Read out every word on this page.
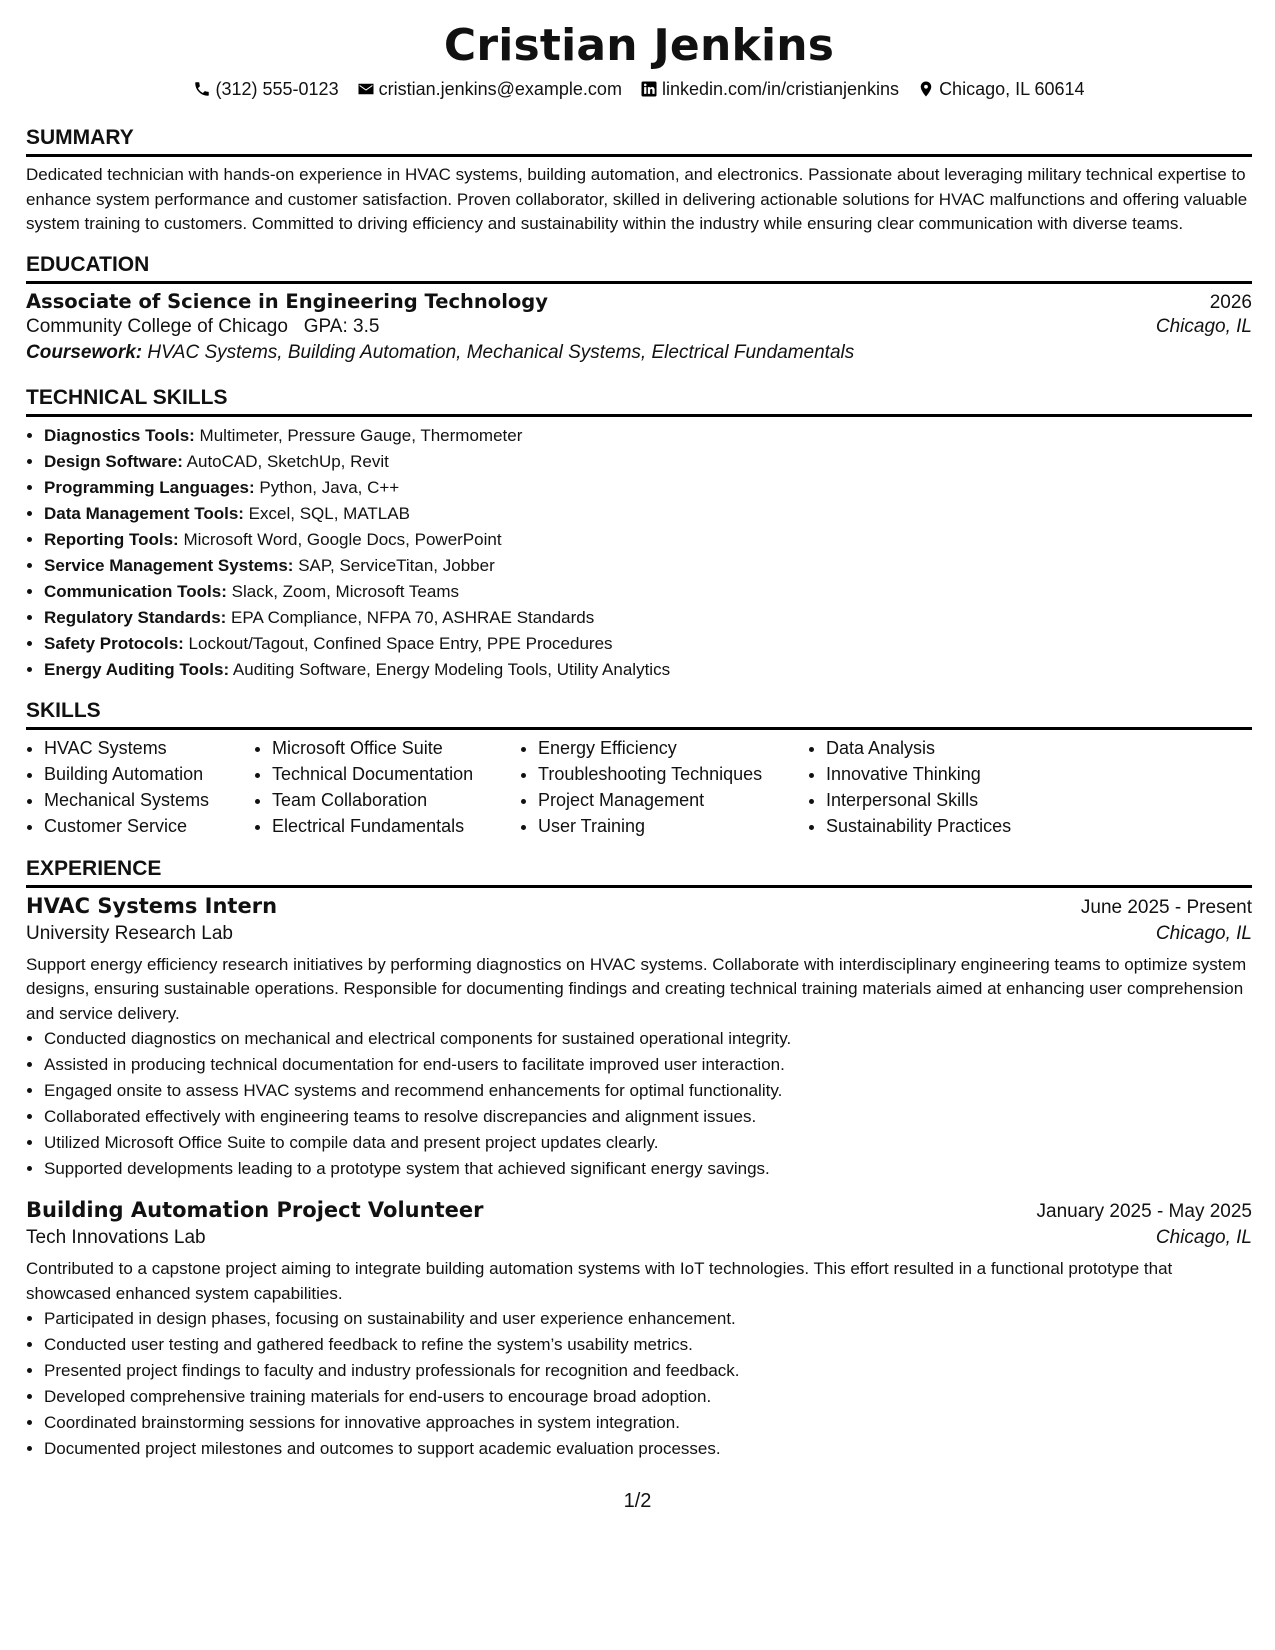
Cristian Jenkins
(312) 555-0123 cristian.jenkins@example.com linkedin.com/in/cristianjenkins Chicago, IL 60614
SUMMARY

Dedicated technician with hands-on experience in HVAC systems, building automation, and electronics. Passionate about leveraging military technical expertise to enhance system performance and customer satisfaction. Proven collaborator, skilled in delivering actionable solutions for HVAC malfunctions and offering valuable system training to customers. Committed to driving efficiency and sustainability within the industry while ensuring clear communication with diverse teams.

EDUCATION
Associate of Science in Engineering Technology	2026
Community College of Chicago GPA: 3.5	Chicago, IL
Coursework: HVAC Systems, Building Automation, Mechanical Systems, Electrical Fundamentals
TECHNICAL SKILLS
• Diagnostics Tools: Multimeter, Pressure Gauge, Thermometer
• Design Software: AutoCAD, SketchUp, Revit
• Programming Languages: Python, Java, C++
• Data Management Tools: Excel, SQL, MATLAB
• Reporting Tools: Microsoft Word, Google Docs, PowerPoint
• Service Management Systems: SAP, ServiceTitan, Jobber
• Communication Tools: Slack, Zoom, Microsoft Teams
• Regulatory Standards: EPA Compliance, NFPA 70, ASHRAE Standards
• Safety Protocols: Lockout/Tagout, Confined Space Entry, PPE Procedures
• Energy Auditing Tools: Auditing Software, Energy Modeling Tools, Utility Analytics
SKILLS
• HVAC Systems
• Building Automation
• Mechanical Systems
• Customer Service
• Microsoft Office Suite
• Technical Documentation
• Team Collaboration
• Electrical Fundamentals
• Energy Efficiency
• Troubleshooting Techniques
• Project Management
• User Training
• Data Analysis
• Innovative Thinking
• Interpersonal Skills
• Sustainability Practices
EXPERIENCE
HVAC Systems Intern	June 2025 - Present
University Research Lab	Chicago, IL

Support energy efficiency research initiatives by performing diagnostics on HVAC systems. Collaborate with interdisciplinary engineering teams to optimize system designs, ensuring sustainable operations. Responsible for documenting findings and creating technical training materials aimed at enhancing user comprehension and service delivery.

• Conducted diagnostics on mechanical and electrical components for sustained operational integrity.
• Assisted in producing technical documentation for end-users to facilitate improved user interaction.
• Engaged onsite to assess HVAC systems and recommend enhancements for optimal functionality.
• Collaborated effectively with engineering teams to resolve discrepancies and alignment issues.
• Utilized Microsoft Office Suite to compile data and present project updates clearly.
• Supported developments leading to a prototype system that achieved significant energy savings.
Building Automation Project Volunteer	January 2025 - May 2025
Tech Innovations Lab	Chicago, IL

Contributed to a capstone project aiming to integrate building automation systems with IoT technologies. This effort resulted in a functional prototype that showcased enhanced system capabilities.

• Participated in design phases, focusing on sustainability and user experience enhancement.
• Conducted user testing and gathered feedback to refine the system’s usability metrics.
• Presented project findings to faculty and industry professionals for recognition and feedback.
• Developed comprehensive training materials for end-users to encourage broad adoption.
• Coordinated brainstorming sessions for innovative approaches in system integration.
• Documented project milestones and outcomes to support academic evaluation processes.
1/2
